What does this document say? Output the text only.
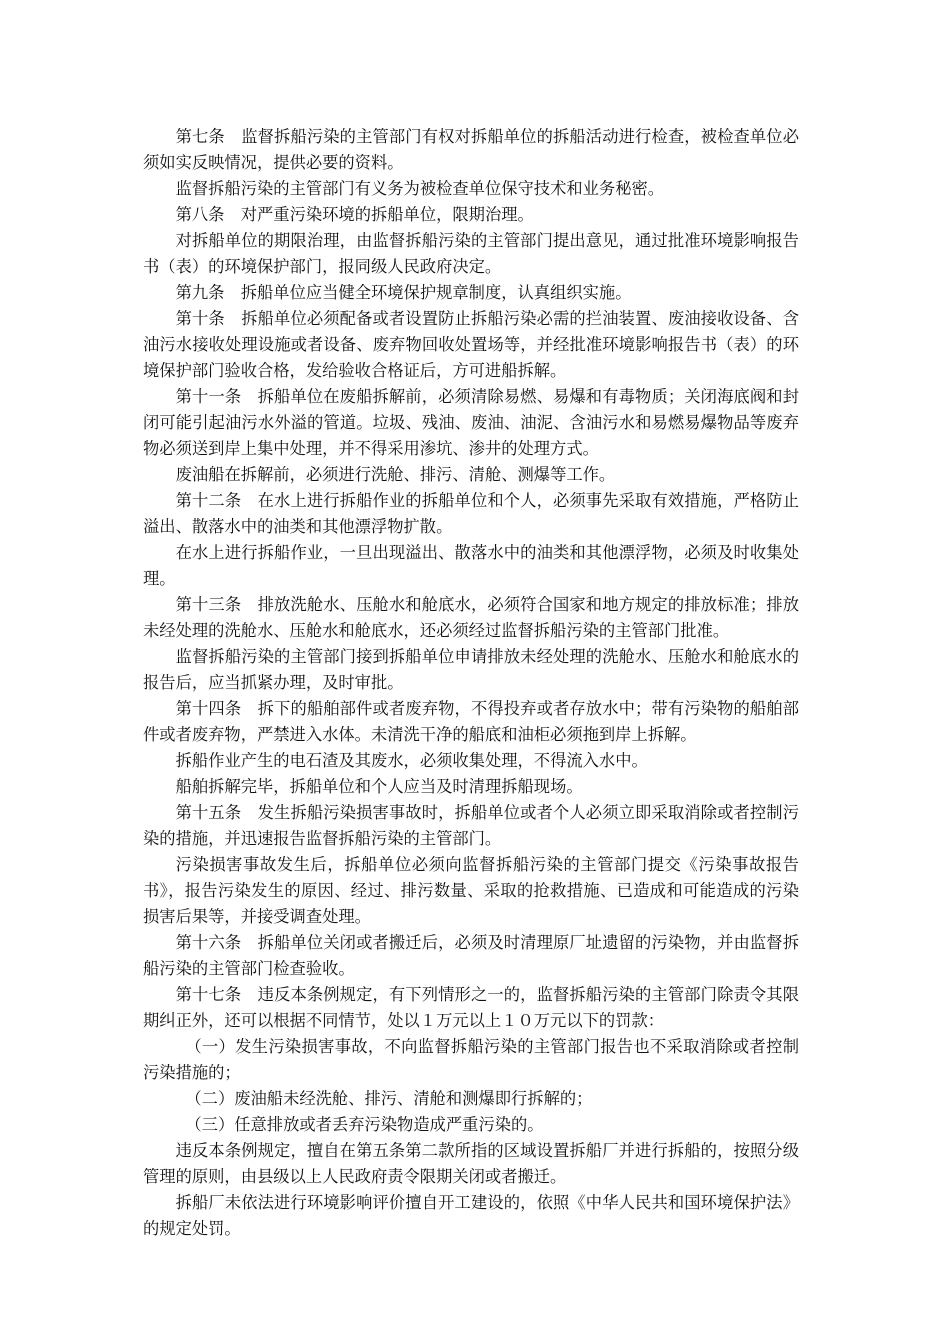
第七条　监督拆船污染的主管部门有权对拆船单位的拆船活动进行检查，被检查单位必须如实反映情况，提供必要的资料。

监督拆船污染的主管部门有义务为被检查单位保守技术和业务秘密。

第八条　对严重污染环境的拆船单位，限期治理。

对拆船单位的期限治理，由监督拆船污染的主管部门提出意见，通过批准环境影响报告书（表）的环境保护部门，报同级人民政府决定。

第九条　拆船单位应当健全环境保护规章制度，认真组织实施。

第十条　拆船单位必须配备或者设置防止拆船污染必需的拦油装置、废油接收设备、含油污水接收处理设施或者设备、废弃物回收处置场等，并经批准环境影响报告书（表）的环境保护部门验收合格，发给验收合格证后，方可进船拆解。

第十一条　拆船单位在废船拆解前，必须清除易燃、易爆和有毒物质；关闭海底阀和封闭可能引起油污水外溢的管道。垃圾、残油、废油、油泥、含油污水和易燃易爆物品等废弃物必须送到岸上集中处理，并不得采用渗坑、渗井的处理方式。

废油船在拆解前，必须进行洗舱、排污、清舱、测爆等工作。

第十二条　在水上进行拆船作业的拆船单位和个人，必须事先采取有效措施，严格防止溢出、散落水中的油类和其他漂浮物扩散。

在水上进行拆船作业，一旦出现溢出、散落水中的油类和其他漂浮物，必须及时收集处理。

第十三条　排放洗舱水、压舱水和舱底水，必须符合国家和地方规定的排放标准；排放未经处理的洗舱水、压舱水和舱底水，还必须经过监督拆船污染的主管部门批准。

监督拆船污染的主管部门接到拆船单位申请排放未经处理的洗舱水、压舱水和舱底水的报告后，应当抓紧办理，及时审批。

第十四条　拆下的船舶部件或者废弃物，不得投弃或者存放水中；带有污染物的船舶部件或者废弃物，严禁进入水体。未清洗干净的船底和油柜必须拖到岸上拆解。

拆船作业产生的电石渣及其废水，必须收集处理，不得流入水中。

船舶拆解完毕，拆船单位和个人应当及时清理拆船现场。

第十五条　发生拆船污染损害事故时，拆船单位或者个人必须立即采取消除或者控制污染的措施，并迅速报告监督拆船污染的主管部门。

污染损害事故发生后，拆船单位必须向监督拆船污染的主管部门提交《污染事故报告书》，报告污染发生的原因、经过、排污数量、采取的抢救措施、已造成和可能造成的污染损害后果等，并接受调查处理。

第十六条　拆船单位关闭或者搬迁后，必须及时清理原厂址遗留的污染物，并由监督拆船污染的主管部门检查验收。

第十七条　违反本条例规定，有下列情形之一的，监督拆船污染的主管部门除责令其限期纠正外，还可以根据不同情节，处以１万元以上１０万元以下的罚款：

（一）发生污染损害事故，不向监督拆船污染的主管部门报告也不采取消除或者控制污染措施的；

（二）废油船未经洗舱、排污、清舱和测爆即行拆解的；

（三）任意排放或者丢弃污染物造成严重污染的。

违反本条例规定，擅自在第五条第二款所指的区域设置拆船厂并进行拆船的，按照分级管理的原则，由县级以上人民政府责令限期关闭或者搬迁。

拆船厂未依法进行环境影响评价擅自开工建设的，依照《中华人民共和国环境保护法》的规定处罚。
